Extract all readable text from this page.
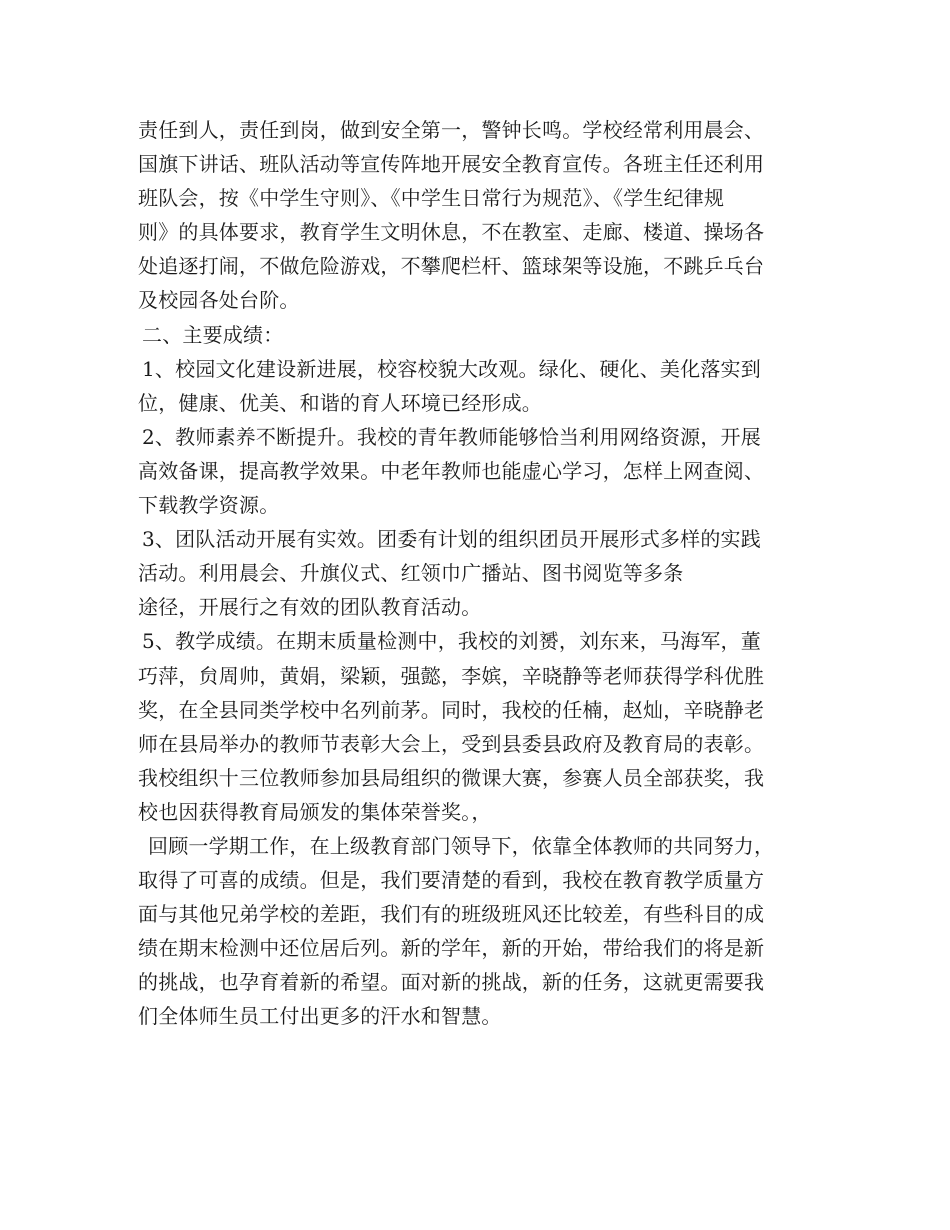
责任到人，责任到岗，做到安全第一，警钟长鸣。学校经常利用晨会、
国旗下讲话、班队活动等宣传阵地开展安全教育宣传。各班主任还利用
班队会，按《中学生守则》、《中学生日常行为规范》、《学生纪律规
则》的具体要求，教育学生文明休息，不在教室、走廊、楼道、操场各
处追逐打闹，不做危险游戏，不攀爬栏杆、篮球架等设施，不跳乒乓台
及校园各处台阶。
二、主要成绩：
1、校园文化建设新进展，校容校貌大改观。绿化、硬化、美化落实到
位，健康、优美、和谐的育人环境已经形成。
2、教师素养不断提升。我校的青年教师能够恰当利用网络资源，开展
高效备课，提高教学效果。中老年教师也能虚心学习，怎样上网查阅、
下载教学资源。
3、团队活动开展有实效。团委有计划的组织团员开展形式多样的实践
活动。利用晨会、升旗仪式、红领巾广播站、图书阅览等多条
途径，开展行之有效的团队教育活动。
5、教学成绩。在期末质量检测中，我校的刘赟，刘东来，马海军，董
巧萍，贠周帅，黄娟，梁颖，强懿，李嫔，辛晓静等老师获得学科优胜
奖，在全县同类学校中名列前茅。同时，我校的任楠，赵灿，辛晓静老
师在县局举办的教师节表彰大会上，受到县委县政府及教育局的表彰。
我校组织十三位教师参加县局组织的微课大赛，参赛人员全部获奖，我
校也因获得教育局颁发的集体荣誉奖。，
回顾一学期工作，在上级教育部门领导下，依靠全体教师的共同努力，
取得了可喜的成绩。但是，我们要清楚的看到，我校在教育教学质量方
面与其他兄弟学校的差距，我们有的班级班风还比较差，有些科目的成
绩在期末检测中还位居后列。新的学年，新的开始，带给我们的将是新
的挑战，也孕育着新的希望。面对新的挑战，新的任务，这就更需要我
们全体师生员工付出更多的汗水和智慧。
